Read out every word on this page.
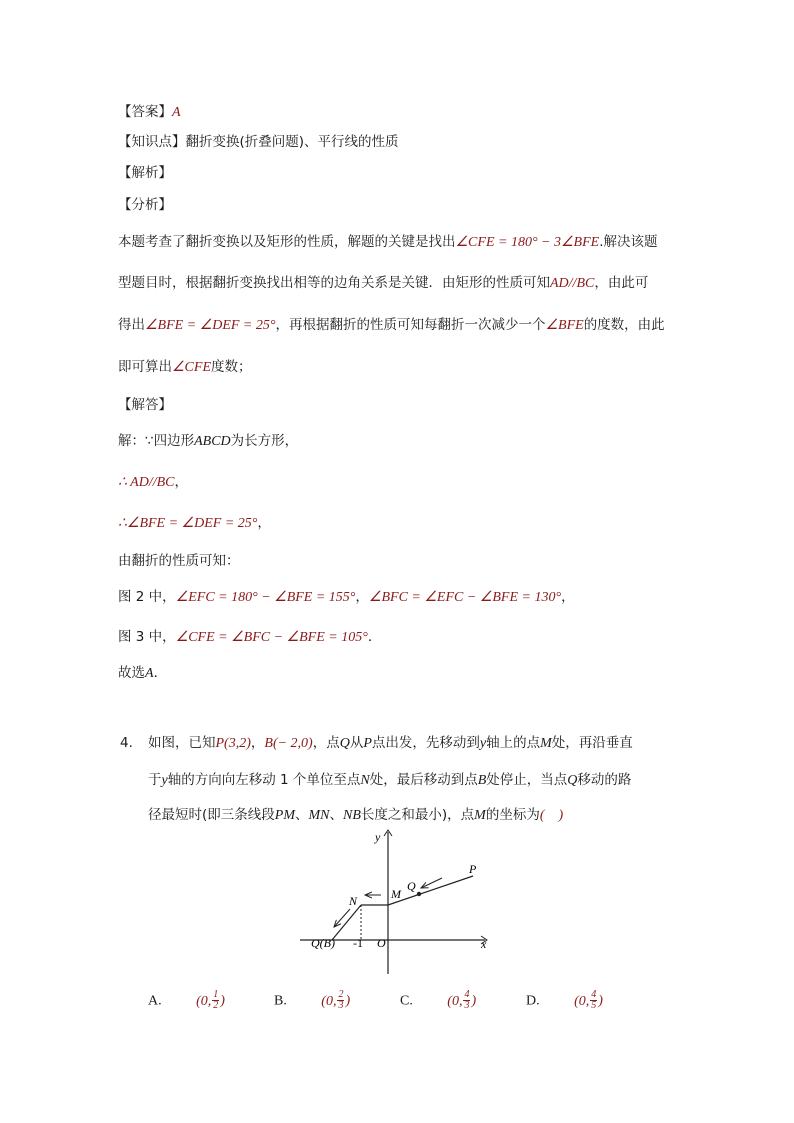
【答案】A
【知识点】翻折变换(折叠问题)、平行线的性质
【解析】
【分析】
本题考查了翻折变换以及矩形的性质，解题的关键是找出∠CFE = 180° − 3∠BFE.解决该题
型题目时，根据翻折变换找出相等的边角关系是关键．由矩形的性质可知AD//BC，由此可
得出∠BFE = ∠DEF = 25°，再根据翻折的性质可知每翻折一次减少一个∠BFE的度数，由此
即可算出∠CFE度数；
【解答】
解：∵四边形ABCD为长方形，
∴ AD//BC，
∴∠BFE = ∠DEF = 25°，
由翻折的性质可知：
图 2 中，∠EFC = 180° − ∠BFE = 155°，∠BFC = ∠EFC − ∠BFE = 130°，
图 3 中，∠CFE = ∠BFC − ∠BFE = 105°．
故选A．
4. 如图，已知P(3,2)，B(− 2,0)，点Q从P点出发，先移动到y轴上的点M处，再沿垂直
于y轴的方向向左移动 1 个单位至点N处，最后移动到点B处停止，当点Q移动的路
径最短时(即三条线段PM、MN、NB长度之和最小)，点M的坐标为(　)
y
x
P
Q
M
N
Q(B) -1 O
A. (0, $\frac{1}{2}$ )	B. (0, $\frac{2}{3}$ )	C. (0, $\frac{4}{3}$ )	D. (0, $\frac{4}{5}$ )
